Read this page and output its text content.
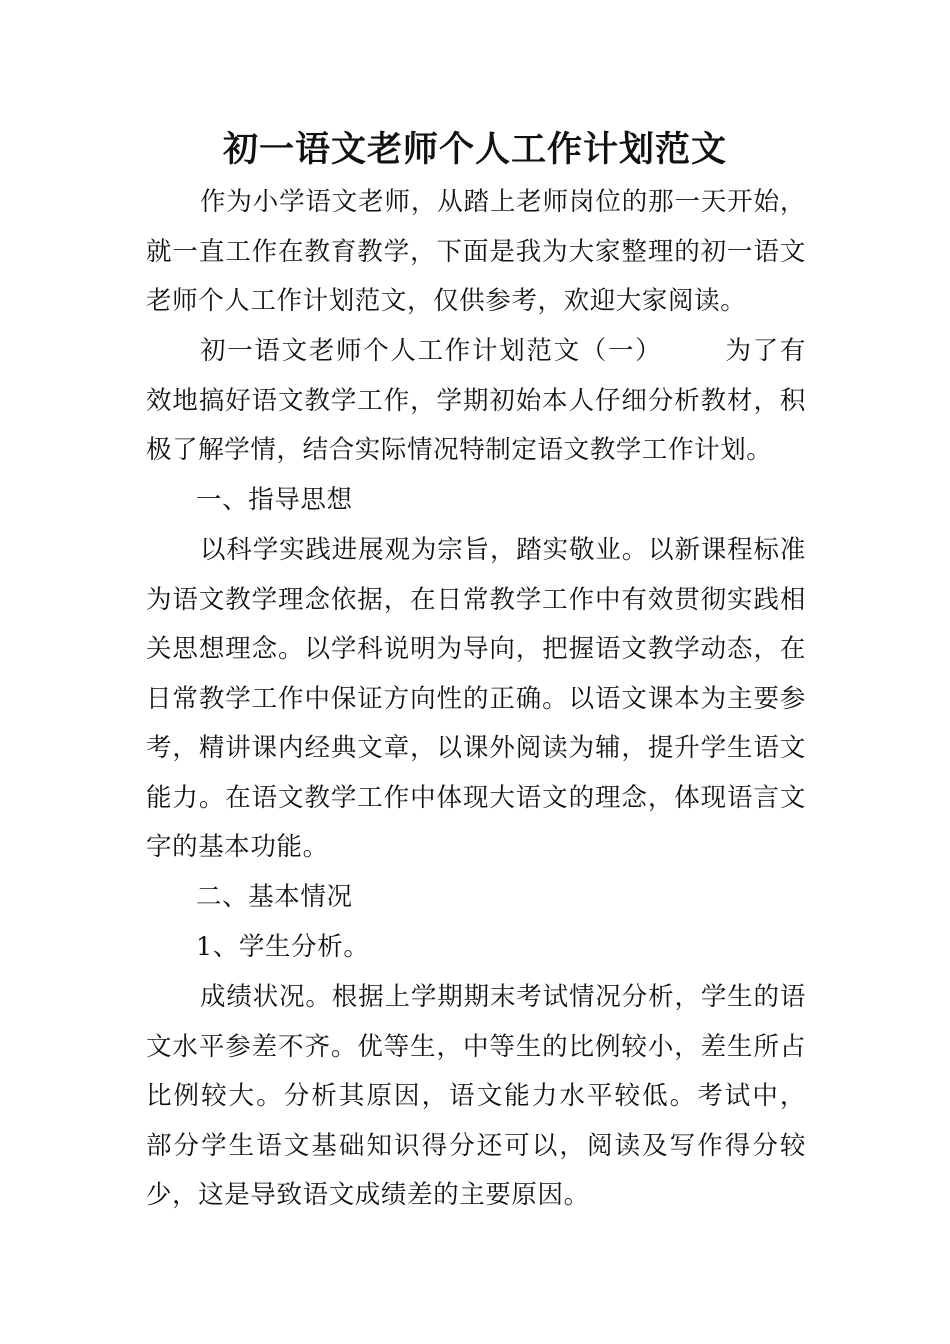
初一语文老师个人工作计划范文

作为小学语文老师，从踏上老师岗位的那一天开始，就一直工作在教育教学，下面是我为大家整理的初一语文老师个人工作计划范文，仅供参考，欢迎大家阅读。

初一语文老师个人工作计划范文（一） 为了有效地搞好语文教学工作，学期初始本人仔细分析教材，积极了解学情，结合实际情况特制定语文教学工作计划。

一、指导思想

以科学实践进展观为宗旨，踏实敬业。以新课程标准为语文教学理念依据，在日常教学工作中有效贯彻实践相关思想理念。以学科说明为导向，把握语文教学动态，在日常教学工作中保证方向性的正确。以语文课本为主要参考，精讲课内经典文章，以课外阅读为辅，提升学生语文能力。在语文教学工作中体现大语文的理念，体现语言文字的基本功能。

二、基本情况

1、学生分析。

成绩状况。根据上学期期末考试情况分析，学生的语文水平参差不齐。优等生，中等生的比例较小，差生所占比例较大。分析其原因，语文能力水平较低。考试中， 部分学生语文基础知识得分还可以，阅读及写作得分较少，这是导致语文成绩差的主要原因。
